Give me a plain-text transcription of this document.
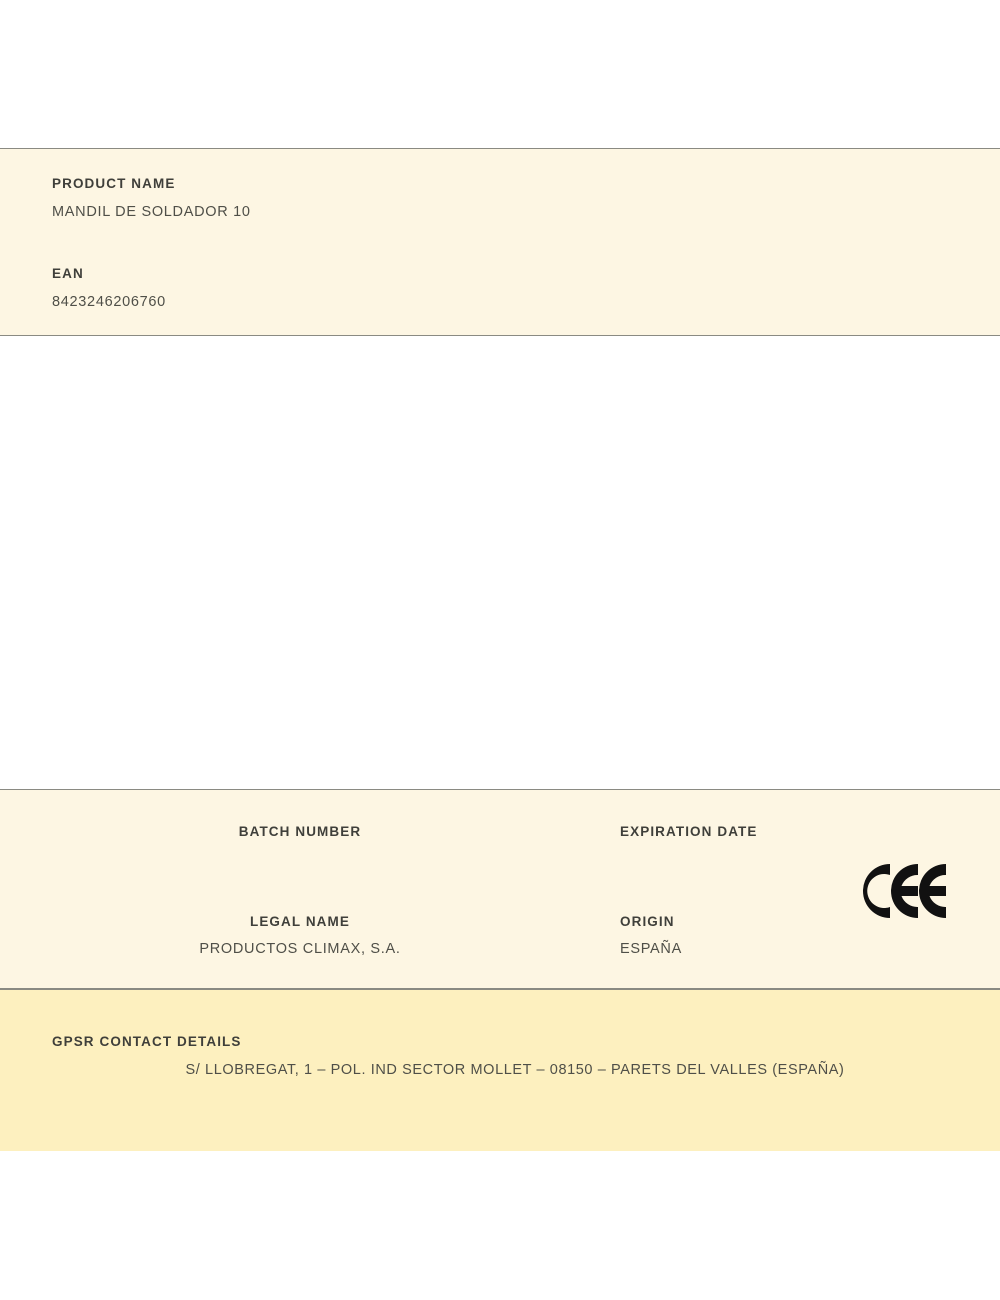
PRODUCT NAME
MANDIL DE SOLDADOR 10
EAN
8423246206760
BATCH NUMBER	EXPIRATION DATE
LEGAL NAME
PRODUCTOS CLIMAX, S.A.
ORIGIN
ESPAÑA
GPSR CONTACT DETAILS
S/ LLOBREGAT, 1 – POL. IND SECTOR MOLLET – 08150 – PARETS DEL VALLES (ESPAÑA)
